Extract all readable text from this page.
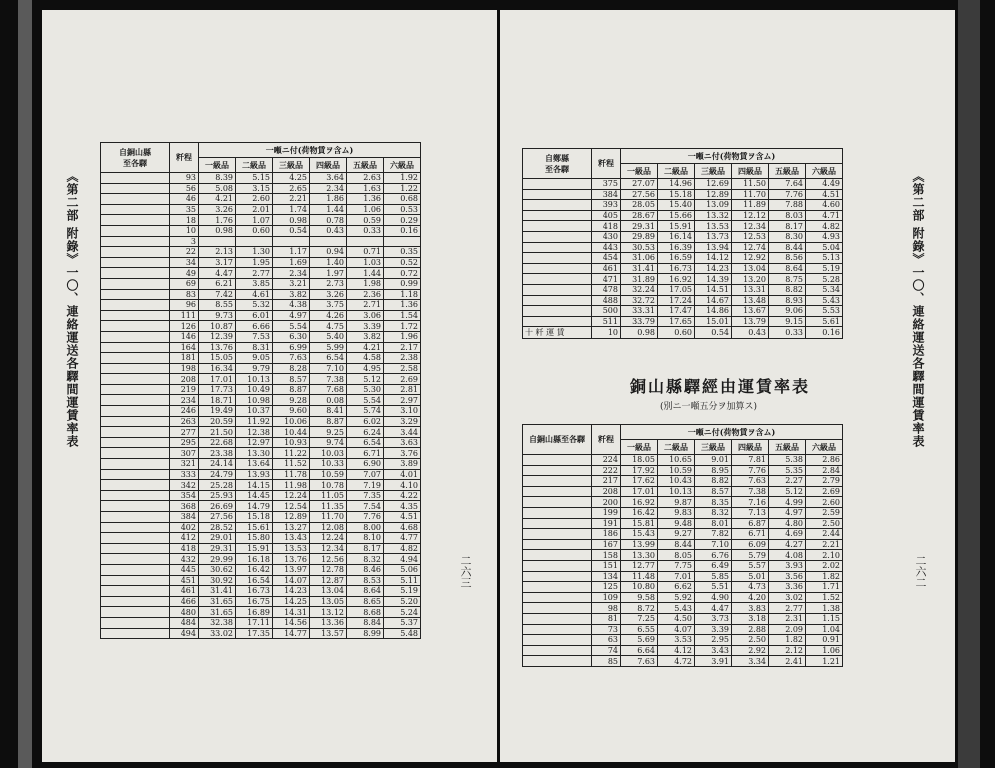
《第二部 附錄》一〇、連絡運送各驛間運賃率表
二六三
自銅山縣
至各驛	粁程	一噸ニ付(荷物賃ヲ含ム)					
		一級品	二級品	三級品	四級品	五級品	六級品
	93	8.39	5.15	4.25	3.64	2.63	1.92
	56	5.08	3.15	2.65	2.34	1.63	1.22
	46	4.21	2.60	2.21	1.86	1.36	0.68
	35	3.26	2.01	1.74	1.44	1.06	0.53
	18	1.76	1.07	0.98	0.78	0.59	0.29
	10	0.98	0.60	0.54	0.43	0.33	0.16
	3						
	22	2.13	1.30	1.17	0.94	0.71	0.35
	34	3.17	1.95	1.69	1.40	1.03	0.52
	49	4.47	2.77	2.34	1.97	1.44	0.72
	69	6.21	3.85	3.21	2.73	1.98	0.99
	83	7.42	4.61	3.82	3.26	2.36	1.18
	96	8.55	5.32	4.38	3.75	2.71	1.36
	111	9.73	6.01	4.97	4.26	3.06	1.54
	126	10.87	6.66	5.54	4.75	3.39	1.72
	146	12.39	7.53	6.30	5.40	3.82	1.96
	164	13.76	8.31	6.99	5.99	4.21	2.17
	181	15.05	9.05	7.63	6.54	4.58	2.38
	198	16.34	9.79	8.28	7.10	4.95	2.58
	208	17.01	10.13	8.57	7.38	5.12	2.69
	219	17.73	10.49	8.87	7.68	5.30	2.81
	234	18.71	10.98	9.28	0.08	5.54	2.97
	246	19.49	10.37	9.60	8.41	5.74	3.10
	263	20.59	11.92	10.06	8.87	6.02	3.29
	277	21.50	12.38	10.44	9.25	6.24	3.44
	295	22.68	12.97	10.93	9.74	6.54	3.63
	307	23.38	13.30	11.22	10.03	6.71	3.76
	321	24.14	13.64	11.52	10.33	6.90	3.89
	333	24.79	13.93	11.78	10.59	7.07	4.01
	342	25.28	14.15	11.98	10.78	7.19	4.10
	354	25.93	14.45	12.24	11.05	7.35	4.22
	368	26.69	14.79	12.54	11.35	7.54	4.35
	384	27.56	15.18	12.89	11.70	7.76	4.51
	402	28.52	15.61	13.27	12.08	8.00	4.68
	412	29.01	15.80	13.43	12.24	8.10	4.77
	418	29.31	15.91	13.53	12.34	8.17	4.82
	432	29.99	16.18	13.76	12.56	8.32	4.94
	445	30.62	16.42	13.97	12.78	8.46	5.06
	451	30.92	16.54	14.07	12.87	8.53	5.11
	461	31.41	16.73	14.23	13.04	8.64	5.19
	466	31.65	16.75	14.25	13.05	8.65	5.20
	480	31.65	16.89	14.31	13.12	8.68	5.24
	484	32.38	17.11	14.56	13.36	8.84	5.37
	494	33.02	17.35	14.77	13.57	8.99	5.48
《第二部 附錄》一〇、連絡運送各驛間運賃率表
二六二
自鄭縣
至各驛	粁程	一噸ニ付(荷物賃ヲ含ム)					
		一級品	二級品	三級品	四級品	五級品	六級品
	375	27.07	14.96	12.69	11.50	7.64	4.49
	384	27.56	15.18	12.89	11.70	7.76	4.51
	393	28.05	15.40	13.09	11.89	7.88	4.60
	405	28.67	15.66	13.32	12.12	8.03	4.71
	418	29.31	15.91	13.53	12.34	8.17	4.82
	430	29.89	16.14	13.73	12.53	8.30	4.93
	443	30.53	16.39	13.94	12.74	8.44	5.04
	454	31.06	16.59	14.12	12.92	8.56	5.13
	461	31.41	16.73	14.23	13.04	8.64	5.19
	471	31.89	16.92	14.39	13.20	8.75	5.28
	478	32.24	17.05	14.51	13.31	8.82	5.34
	488	32.72	17.24	14.67	13.48	8.93	5.43
	500	33.31	17.47	14.86	13.67	9.06	5.53
	511	33.79	17.65	15.01	13.79	9.15	5.61
十 粁 運 賃	10	0.98	0.60	0.54	0.43	0.33	0.16
銅山縣驛經由運賃率表
(別ニ一噸五分ヲ加算ス)
自銅山縣至各驛	粁程	一噸ニ付(荷物賃ヲ含ム)					
		一級品	二級品	三級品	四級品	五級品	六級品
	224	18.05	10.65	9.01	7.81	5.38	2.86
	222	17.92	10.59	8.95	7.76	5.35	2.84
	217	17.62	10.43	8.82	7.63	2.27	2.79
	208	17.01	10.13	8.57	7.38	5.12	2.69
	200	16.92	9.87	8.35	7.16	4.99	2.60
	199	16.42	9.83	8.32	7.13	4.97	2.59
	191	15.81	9.48	8.01	6.87	4.80	2.50
	186	15.43	9.27	7.82	6.71	4.69	2.44
	167	13.99	8.44	7.10	6.09	4.27	2.21
	158	13.30	8.05	6.76	5.79	4.08	2.10
	151	12.77	7.75	6.49	5.57	3.93	2.02
	134	11.48	7.01	5.85	5.01	3.56	1.82
	125	10.80	6.62	5.51	4.73	3.36	1.71
	109	9.58	5.92	4.90	4.20	3.02	1.52
	98	8.72	5.43	4.47	3.83	2.77	1.38
	81	7.25	4.50	3.73	3.18	2.31	1.15
	73	6.55	4.07	3.39	2.88	2.09	1.04
	63	5.69	3.53	2.95	2.50	1.82	0.91
	74	6.64	4.12	3.43	2.92	2.12	1.06
	85	7.63	4.72	3.91	3.34	2.41	1.21
